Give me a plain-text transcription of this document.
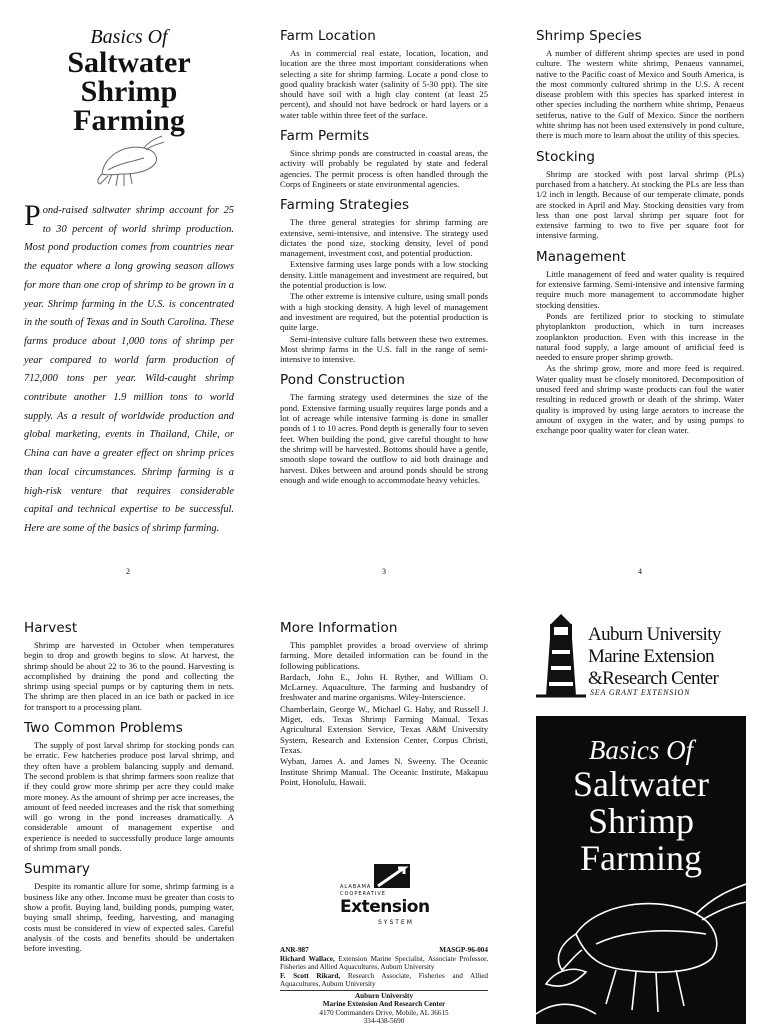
Basics Of
Saltwater
Shrimp
Farming

Pond-raised saltwater shrimp account for 25 to 30 percent of world shrimp production. Most pond production comes from countries near the equator where a long growing season allows for more than one crop of shrimp to be grown in a year. Shrimp farming in the U.S. is concentrated in the south of Texas and in South Carolina. These farms produce about 1,000 tons of shrimp per year compared to world farm production of 712,000 tons per year. Wild-caught shrimp contribute another 1.9 million tons to world supply. As a result of worldwide production and global marketing, events in Thailand, Chile, or China can have a greater effect on shrimp prices than local circumstances. Shrimp farming is a high-risk venture that requires considerable capital and technical expertise to be successful. Here are some of the basics of shrimp farming.

2
Farm Location

As in commercial real estate, location, location, and location are the three most important considerations when selecting a site for shrimp farming. Locate a pond close to good quality brackish water (salinity of 5-30 ppt). The site should have soil with a high clay content (at least 25 percent), and should not have bedrock or hard layers or a water table within three feet of the surface.

Farm Permits

Since shrimp ponds are constructed in coastal areas, the activity will probably be regulated by state and federal agencies. The permit process is often handled through the Corps of Engineers or state environmental agencies.

Farming Strategies

The three general strategies for shrimp farming are extensive, semi-intensive, and intensive. The strategy used dictates the pond size, stocking density, level of pond management, investment cost, and potential production.

Extensive farming uses large ponds with a low stocking density. Little management and investment are required, but the potential production is low.

The other extreme is intensive culture, using small ponds with a high stocking density. A high level of management and investment are required, but the potential production is quite large.

Semi-intensive culture falls between these two extremes. Most shrimp farms in the U.S. fall in the range of semi-intensive to intensive.

Pond Construction

The farming strategy used determines the size of the pond. Extensive farming usually requires large ponds and a lot of acreage while intensive farming is done in smaller ponds of 1 to 10 acres. Pond depth is generally four to seven feet. When building the pond, give careful thought to how the shrimp will be harvested. Bottoms should have a gentle, smooth slope toward the outflow to aid both drainage and harvest. Dikes between and around ponds should be strong enough and wide enough to accommodate heavy vehicles.

3
Shrimp Species

A number of different shrimp species are used in pond culture. The western white shrimp, Penaeus vannamei, native to the Pacific coast of Mexico and South America, is the most commonly cultured shrimp in the U.S. A recent disease problem with this species has sparked interest in other species including the northern white shrimp, Penaeus setiferus, native to the Gulf of Mexico. Since the northern white shrimp has not been used extensively in pond culture, there is much more to learn about the utility of this species.

Stocking

Shrimp are stocked with post larval shrimp (PLs) purchased from a hatchery. At stocking the PLs are less than 1/2 inch in length. Because of our temperate climate, ponds are stocked in April and May. Stocking densities vary from less than one post larval shrimp per square foot for extensive farming to two to five per square foot for intensive farming.

Management

Little management of feed and water quality is required for extensive farming. Semi-intensive and intensive farming require much more management to accommodate higher stocking densities.

Ponds are fertilized prior to stocking to stimulate phytoplankton production, which in turn increases zooplankton production. Even with this increase in the natural food supply, a large amount of artificial feed is needed to ensure proper shrimp growth.

As the shrimp grow, more and more feed is required. Water quality must be closely monitored. Decomposition of unused feed and shrimp waste products can foul the water resulting in reduced growth or death of the shrimp. Water quality is improved by using large aerators to increase the amount of oxygen in the water, and by using pumps to exchange poor quality water for clean water.

4
Harvest

Shrimp are harvested in October when temperatures begin to drop and growth begins to slow. At harvest, the shrimp should be about 22 to 36 to the pound. Harvesting is accomplished by draining the pond and collecting the shrimp using special pumps or by capturing them in nets. The shrimp are then placed in an ice bath or packed in ice for transport to a processing plant.

Two Common Problems

The supply of post larval shrimp for stocking ponds can be erratic. Few hatcheries produce post larval shrimp, and they often have a problem balancing supply and demand. The second problem is that shrimp farmers soon realize that if they could grow more shrimp per acre they could make more money. As the amount of shrimp per acre increases, the amount of feed needed increases and the risk that something will go wrong in the pond increases dramatically. A considerable amount of management expertise and experience is needed to successfully produce large amounts of shrimp from small ponds.

Summary

Despite its romantic allure for some, shrimp farming is a business like any other. Income must be greater than costs to show a profit. Buying land, building ponds, pumping water, buying small shrimp, feeding, harvesting, and managing costs must be considered in view of expected sales. Careful analysis of the costs and benefits should be undertaken before investing.

More Information

This pamphlet provides a broad overview of shrimp farming. More detailed information can be found in the following publications.

Bardach, John E., John H. Ryther, and William O. McLarney. Aquaculture. The farming and husbandry of freshwater and marine organisms. Wiley-Interscience.

Chamberlain, George W., Michael G. Haby, and Russell J. Miget, eds. Texas Shrimp Farming Manual. Texas Agricultural Extension Service, Texas A&M University System, Research and Extension Center, Corpus Christi, Texas.

Wyban, James A. and James N. Sweeny. The Oceanic Institute Shrimp Manual. The Oceanic Institute, Makapuu Point, Honolulu, Hawaii.

ALABAMA
COOPERATIVE
Extension
SYSTEM
ANR-987	MASGP-96-004

Richard Wallace, Extension Marine Specialist, Associate Professor, Fisheries and Allied Aquacultures, Auburn University

F. Scott Rikard, Research Associate, Fisheries and Allied Aquacultures, Auburn University

Auburn University

Marine Extension And Research Center

4170 Commanders Drive, Mobile, AL 36615

334-438-5690

Auburn University
Marine Extension
&Research Center
SEA GRANT EXTENSION
Basics Of
Saltwater
Shrimp
Farming
